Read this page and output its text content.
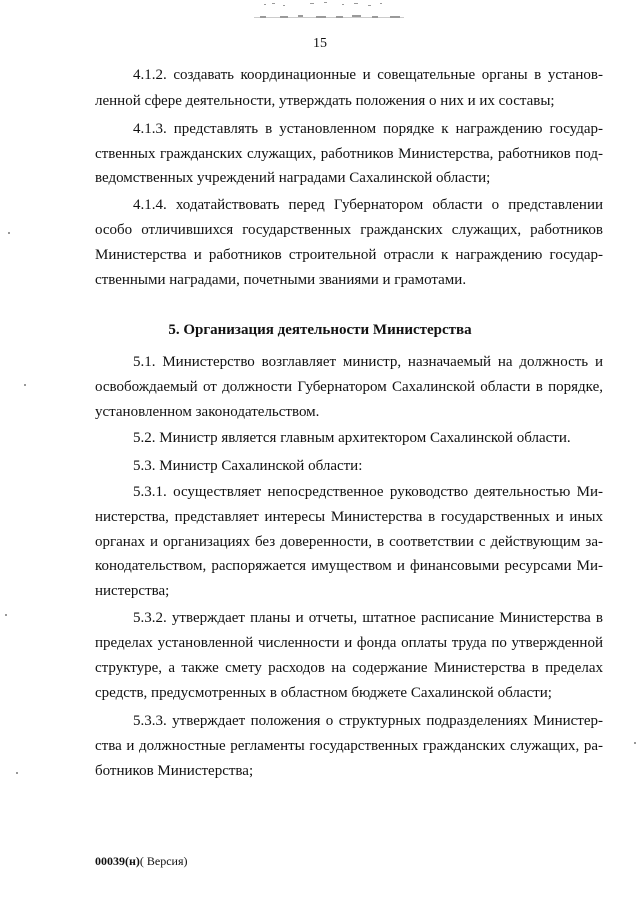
15
4.1.2. создавать координационные и совещательные органы в установ-
ленной сфере деятельности, утверждать положения о них и их составы;
4.1.3. представлять в установленном порядке к награждению государ-
ственных гражданских служащих, работников Министерства, работников под-
ведомственных учреждений наградами Сахалинской области;
4.1.4. ходатайствовать перед Губернатором области о представлении
особо отличившихся государственных гражданских служащих, работников
Министерства и работников строительной отрасли к награждению государ-
ственными наградами, почетными званиями и грамотами.
5. Организация деятельности Министерства
5.1. Министерство возглавляет министр, назначаемый на должность и
освобождаемый от должности Губернатором Сахалинской области в порядке,
установленном законодательством.
5.2. Министр является главным архитектором Сахалинской области.
5.3. Министр Сахалинской области:
5.3.1. осуществляет непосредственное руководство деятельностью Ми-
нистерства, представляет интересы Министерства в государственных и иных
органах и организациях без доверенности, в соответствии с действующим за-
конодательством, распоряжается имуществом и финансовыми ресурсами Ми-
нистерства;
5.3.2. утверждает планы и отчеты, штатное расписание Министерства в
пределах установленной численности и фонда оплаты труда по утвержденной
структуре, а также смету расходов на содержание Министерства в пределах
средств, предусмотренных в областном бюджете Сахалинской области;
5.3.3. утверждает положения о структурных подразделениях Министер-
ства и должностные регламенты государственных гражданских служащих, ра-
ботников Министерства;
00039(н)( Версия)
